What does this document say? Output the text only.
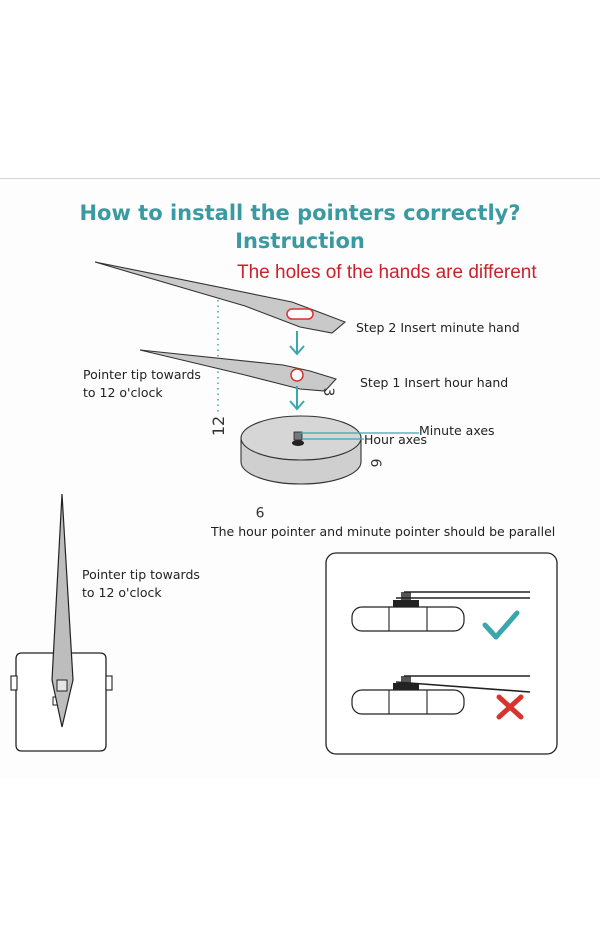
How to install the pointers correctly?
Instruction
The holes of the hands are different
12
3
6
9
Step 2 Insert minute hand
Step 1 Insert hour hand
Minute axes
Hour axes
Pointer tip towards
to 12 o'clock
The hour pointer and minute pointer should be parallel
Pointer tip towards
to 12 o'clock
